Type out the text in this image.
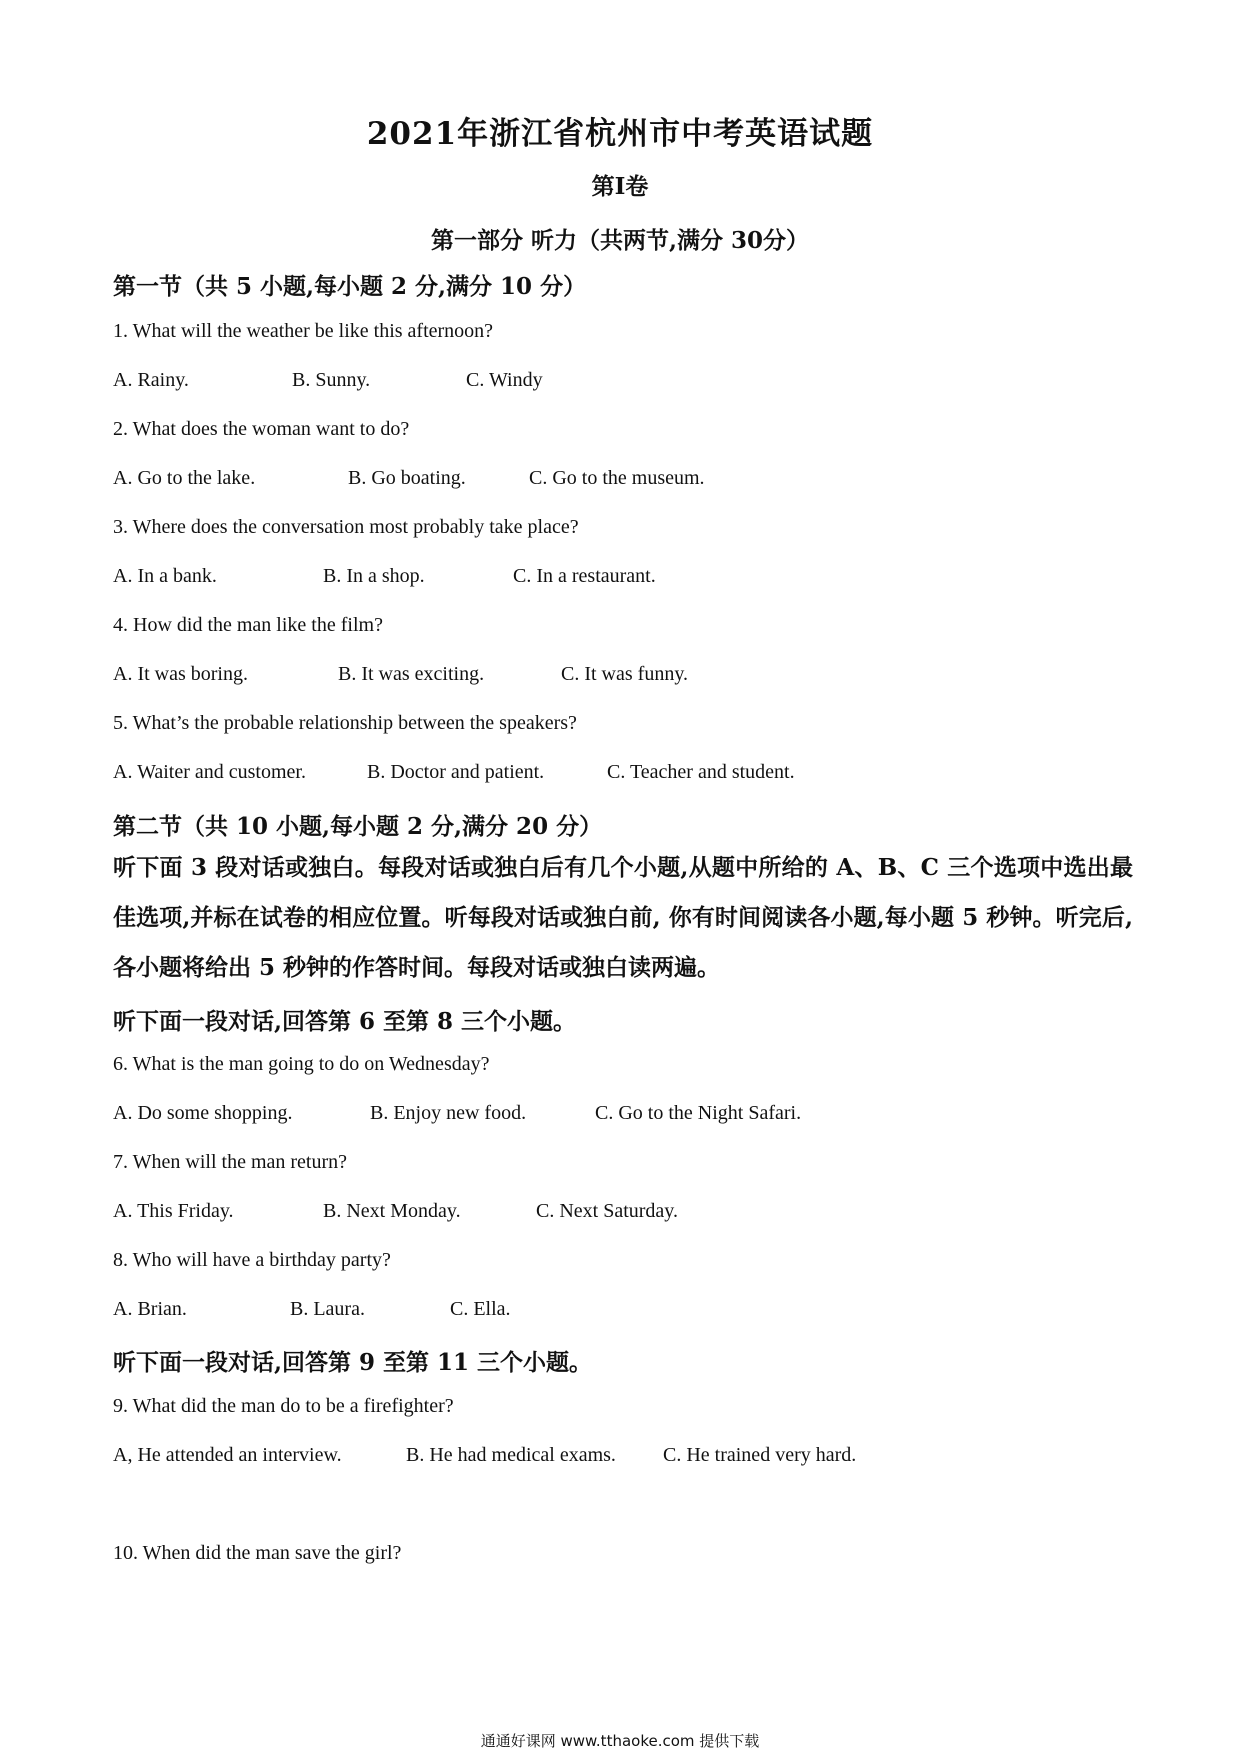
2021年浙江省杭州市中考英语试题
第Ⅰ卷
第一部分 听力（共两节,满分 30分）
第一节（共 5 小题,每小题 2 分,满分 10 分）
1. What will the weather be like this afternoon?
A. Rainy.	B. Sunny.	C. Windy
2. What does the woman want to do?
A. Go to the lake.	B. Go boating.	C. Go to the museum.
3. Where does the conversation most probably take place?
A. In a bank.	B. In a shop.	C. In a restaurant.
4. How did the man like the film?
A. It was boring.	B. It was exciting.	C. It was funny.
5. What’s the probable relationship between the speakers?
A. Waiter and customer.	B. Doctor and patient.	C. Teacher and student.
第二节（共 10 小题,每小题 2 分,满分 20 分）
听下面 3 段对话或独白。每段对话或独白后有几个小题,从题中所给的 A、B、C 三个选项中选出最佳选项,并标在试卷的相应位置。听每段对话或独白前, 你有时间阅读各小题,每小题 5 秒钟。听完后,各小题将给出 5 秒钟的作答时间。每段对话或独白读两遍。
听下面一段对话,回答第 6 至第 8 三个小题。
6. What is the man going to do on Wednesday?
A. Do some shopping.	B. Enjoy new food.	C. Go to the Night Safari.
7. When will the man return?
A. This Friday.	B. Next Monday.	C. Next Saturday.
8. Who will have a birthday party?
A. Brian.	B. Laura.	C. Ella.
听下面一段对话,回答第 9 至第 11 三个小题。
9. What did the man do to be a firefighter?
A, He attended an interview.	B. He had medical exams. C. He trained very hard.
10. When did the man save the girl?
通通好课网 www.tthaoke.com 提供下载
